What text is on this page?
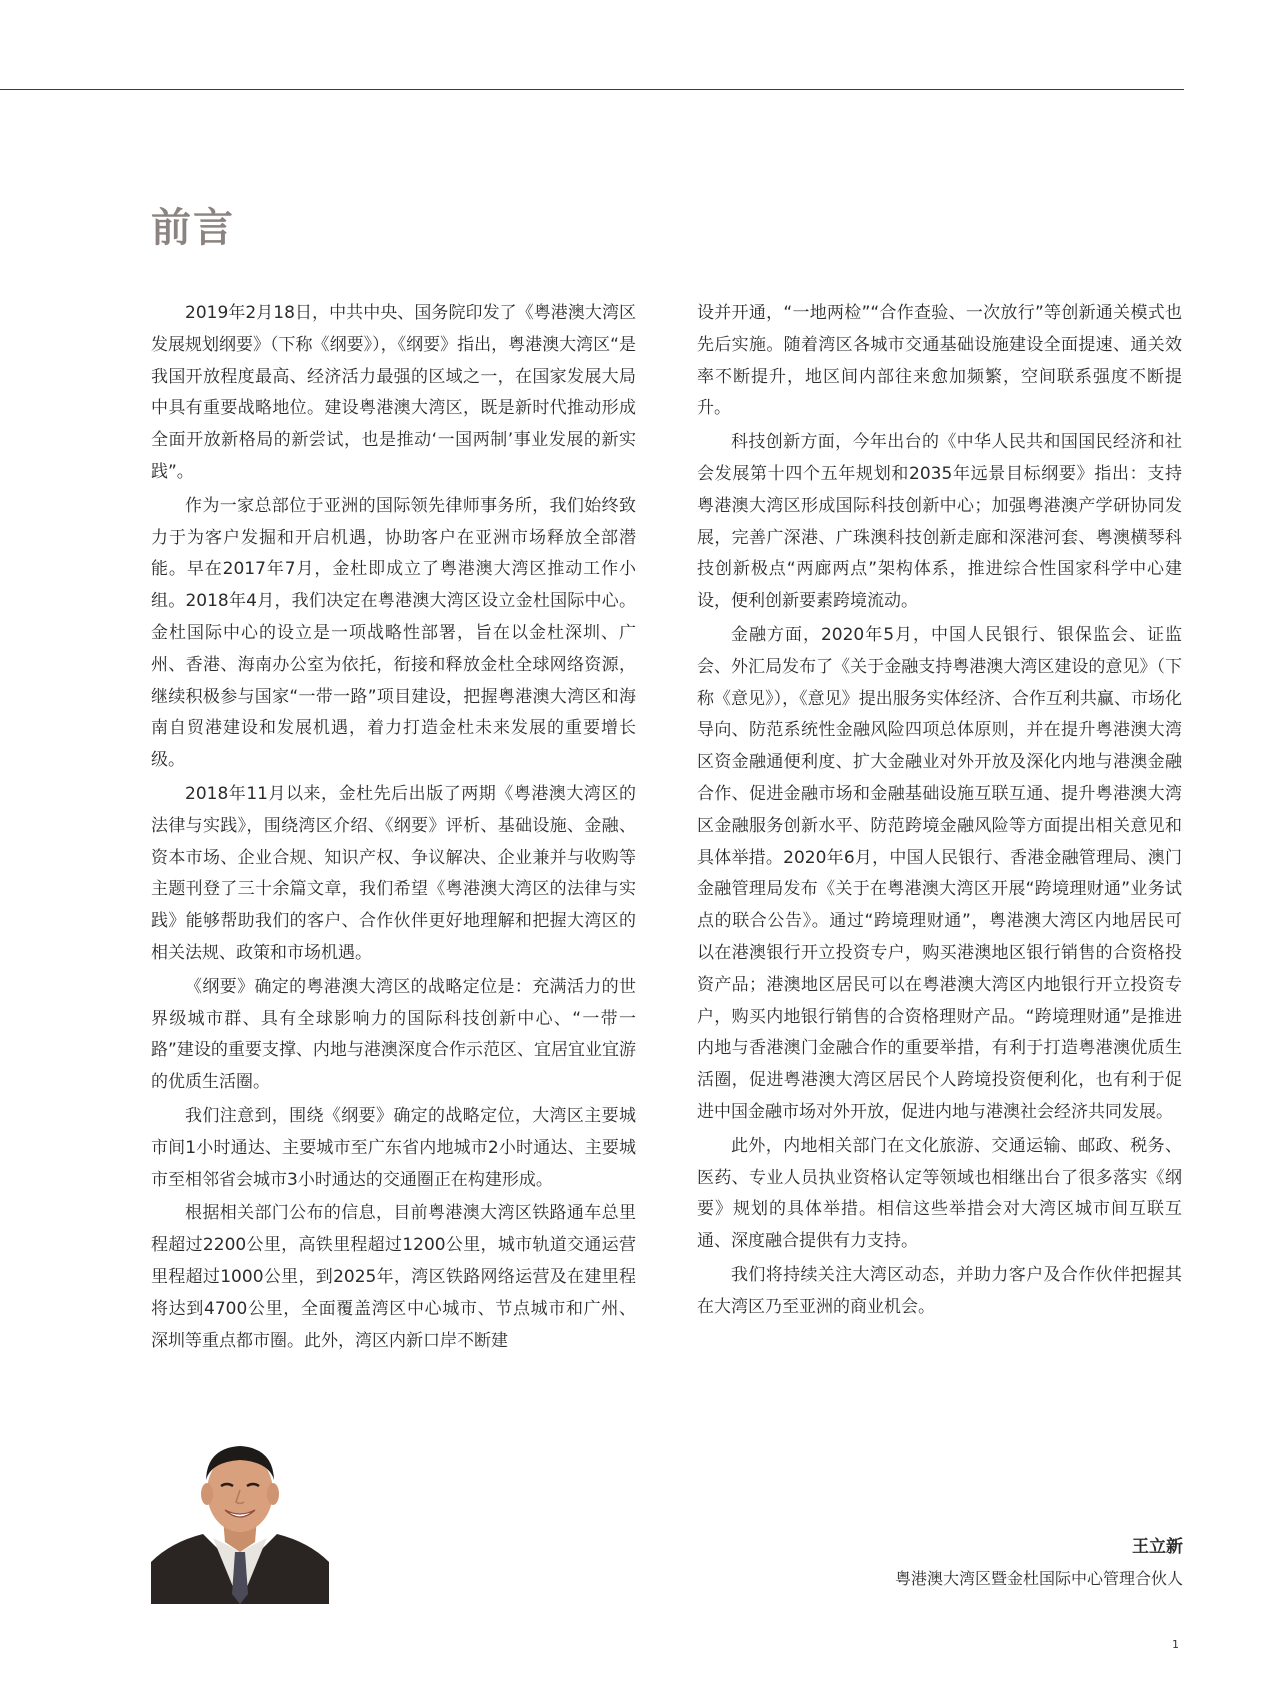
前言

2019年2月18日，中共中央、国务院印发了《粤港澳大湾区发展规划纲要》（下称《纲要》），《纲要》指出，粤港澳大湾区“是我国开放程度最高、经济活力最强的区域之一，在国家发展大局中具有重要战略地位。建设粤港澳大湾区，既是新时代推动形成全面开放新格局的新尝试，也是推动‘一国两制’事业发展的新实践”。

作为一家总部位于亚洲的国际领先律师事务所，我们始终致力于为客户发掘和开启机遇，协助客户在亚洲市场释放全部潜能。早在2017年7月，金杜即成立了粤港澳大湾区推动工作小组。2018年4月，我们决定在粤港澳大湾区设立金杜国际中心。金杜国际中心的设立是一项战略性部署，旨在以金杜深圳、广州、香港、海南办公室为依托，衔接和释放金杜全球网络资源，继续积极参与国家“一带一路”项目建设，把握粤港澳大湾区和海南自贸港建设和发展机遇，着力打造金杜未来发展的重要增长级。

2018年11月以来，金杜先后出版了两期《粤港澳大湾区的法律与实践》，围绕湾区介绍、《纲要》评析、基础设施、金融、资本市场、企业合规、知识产权、争议解决、企业兼并与收购等主题刊登了三十余篇文章，我们希望《粤港澳大湾区的法律与实践》能够帮助我们的客户、合作伙伴更好地理解和把握大湾区的相关法规、政策和市场机遇。

《纲要》确定的粤港澳大湾区的战略定位是：充满活力的世界级城市群、具有全球影响力的国际科技创新中心、“一带一路”建设的重要支撑、内地与港澳深度合作示范区、宜居宜业宜游的优质生活圈。

我们注意到，围绕《纲要》确定的战略定位，大湾区主要城市间1小时通达、主要城市至广东省内地城市2小时通达、主要城市至相邻省会城市3小时通达的交通圈正在构建形成。

根据相关部门公布的信息，目前粤港澳大湾区铁路通车总里程超过2200公里，高铁里程超过1200公里，城市轨道交通运营里程超过1000公里，到2025年，湾区铁路网络运营及在建里程将达到4700公里，全面覆盖湾区中心城市、节点城市和广州、深圳等重点都市圈。此外，湾区内新口岸不断建

设并开通，“一地两检”“合作查验、一次放行”等创新通关模式也先后实施。随着湾区各城市交通基础设施建设全面提速、通关效率不断提升，地区间内部往来愈加频繁，空间联系强度不断提升。

科技创新方面，今年出台的《中华人民共和国国民经济和社会发展第十四个五年规划和2035年远景目标纲要》指出：支持粤港澳大湾区形成国际科技创新中心；加强粤港澳产学研协同发展，完善广深港、广珠澳科技创新走廊和深港河套、粤澳横琴科技创新极点“两廊两点”架构体系，推进综合性国家科学中心建设，便利创新要素跨境流动。

金融方面，2020年5月，中国人民银行、银保监会、证监会、外汇局发布了《关于金融支持粤港澳大湾区建设的意见》（下称《意见》），《意见》提出服务实体经济、合作互利共赢、市场化导向、防范系统性金融风险四项总体原则，并在提升粤港澳大湾区资金融通便利度、扩大金融业对外开放及深化内地与港澳金融合作、促进金融市场和金融基础设施互联互通、提升粤港澳大湾区金融服务创新水平、防范跨境金融风险等方面提出相关意见和具体举措。2020年6月，中国人民银行、香港金融管理局、澳门金融管理局发布《关于在粤港澳大湾区开展“跨境理财通”业务试点的联合公告》。通过“跨境理财通”，粤港澳大湾区内地居民可以在港澳银行开立投资专户，购买港澳地区银行销售的合资格投资产品；港澳地区居民可以在粤港澳大湾区内地银行开立投资专户，购买内地银行销售的合资格理财产品。“跨境理财通”是推进内地与香港澳门金融合作的重要举措，有利于打造粤港澳优质生活圈，促进粤港澳大湾区居民个人跨境投资便利化，也有利于促进中国金融市场对外开放，促进内地与港澳社会经济共同发展。

此外，内地相关部门在文化旅游、交通运输、邮政、税务、医药、专业人员执业资格认定等领域也相继出台了很多落实《纲要》规划的具体举措。相信这些举措会对大湾区城市间互联互通、深度融合提供有力支持。

我们将持续关注大湾区动态，并助力客户及合作伙伴把握其在大湾区乃至亚洲的商业机会。

王立新
粤港澳大湾区暨金杜国际中心管理合伙人
1
